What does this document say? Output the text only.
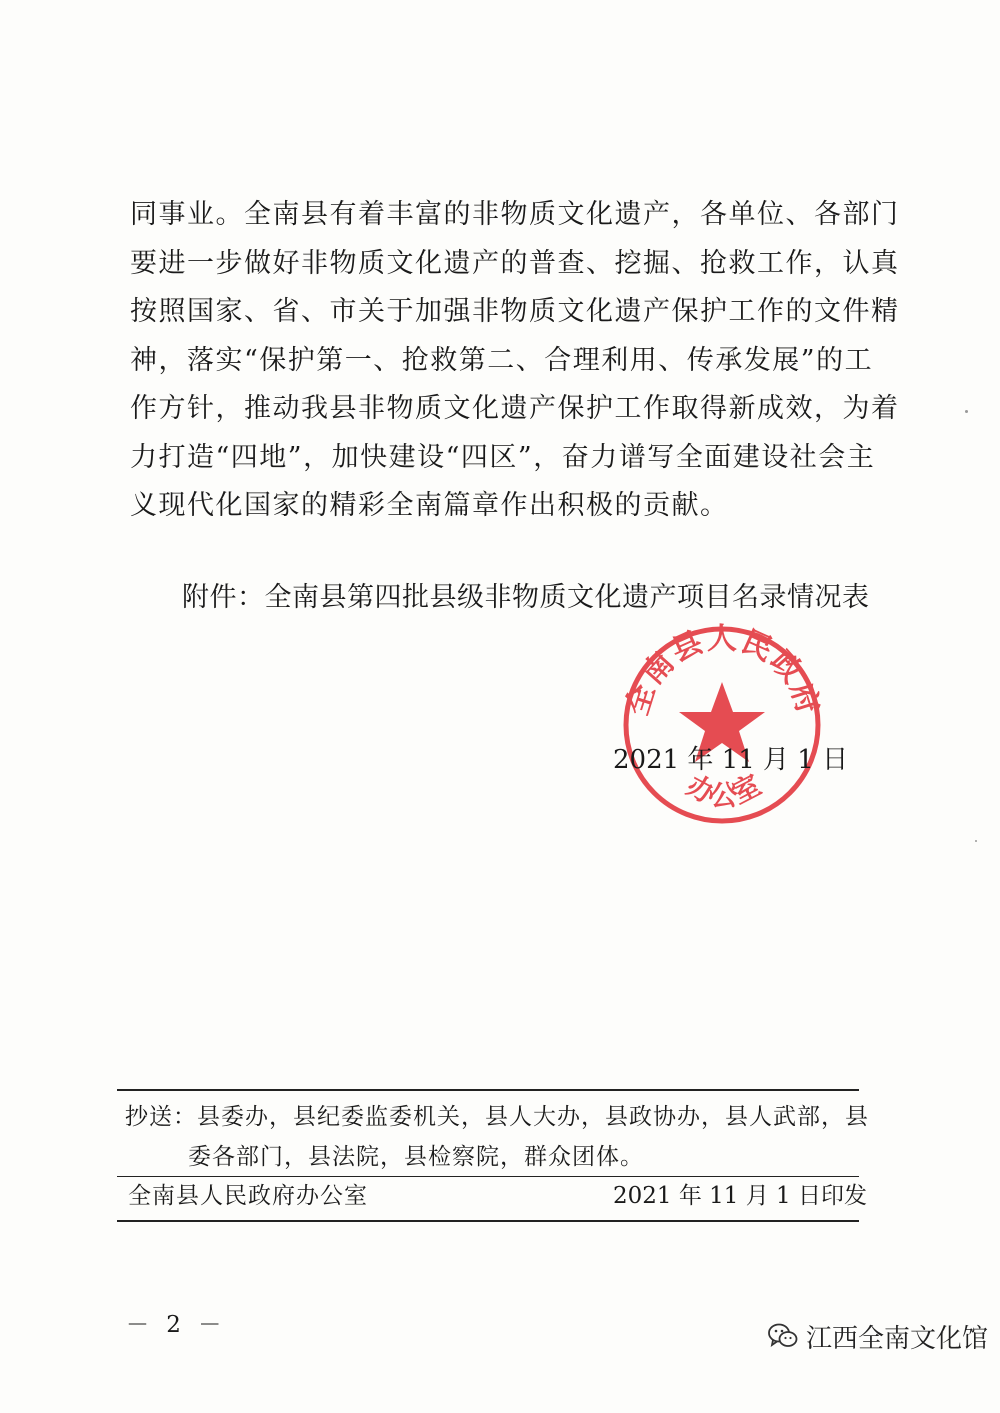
同事业。全南县有着丰富的非物质文化遗产，各单位、各部门
要进一步做好非物质文化遗产的普查、挖掘、抢救工作，认真
按照国家、省、市关于加强非物质文化遗产保护工作的文件精
神，落实“保护第一、抢救第二、合理利用、传承发展”的工
作方针，推动我县非物质文化遗产保护工作取得新成效，为着
力打造“四地”，加快建设“四区”，奋力谱写全面建设社会主
义现代化国家的精彩全南篇章作出积极的贡献。
附件：全南县第四批县级非物质文化遗产项目名录情况表
全南县人民政府
办公室
2021 年 11 月 1 日
抄送：县委办，县纪委监委机关，县人大办，县政协办，县人武部，县
委各部门，县法院，县检察院，群众团体。
全南县人民政府办公室	2021 年 11 月 1 日印发
－ 2 －	江西全南文化馆
